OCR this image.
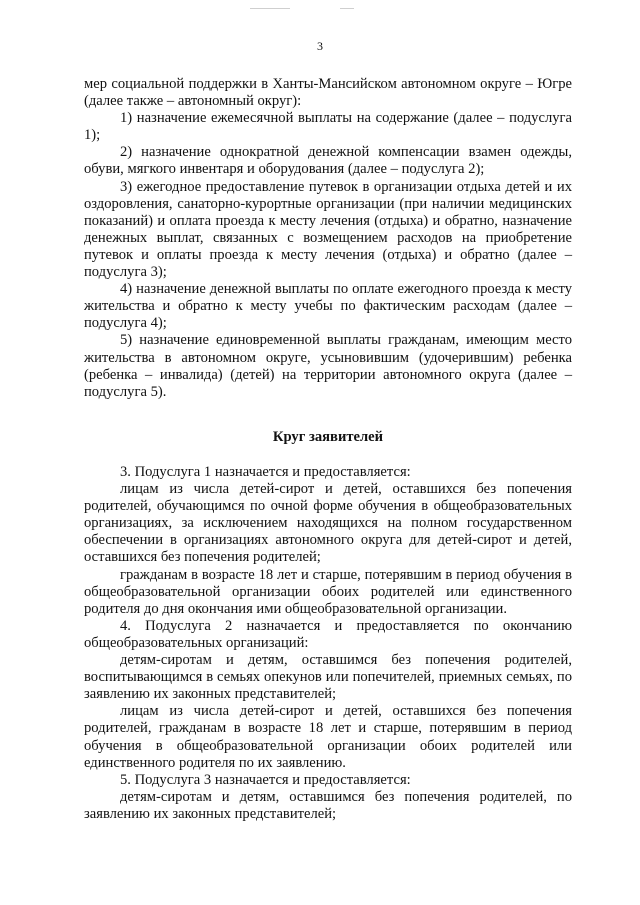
3

мер социальной поддержки в Ханты-Мансийском автономном округе – Югре (далее также – автономный округ):

1) назначение ежемесячной выплаты на содержание (далее – подуслуга 1);

2) назначение однократной денежной компенсации взамен одежды, обуви, мягкого инвентаря и оборудования (далее – подуслуга 2);

3) ежегодное предоставление путевок в организации отдыха детей и их оздоровления, санаторно-курортные организации (при наличии медицинских показаний) и оплата проезда к месту лечения (отдыха) и обратно, назначение денежных выплат, связанных с возмещением расходов на приобретение путевок и оплаты проезда к месту лечения (отдыха) и обратно (далее – подуслуга 3);

4) назначение денежной выплаты по оплате ежегодного проезда к месту жительства и обратно к месту учебы по фактическим расходам (далее – подуслуга 4);

5) назначение единовременной выплаты гражданам, имеющим место жительства в автономном округе, усыновившим (удочерившим) ребенка (ребенка – инвалида) (детей) на территории автономного округа (далее – подуслуга 5).

Круг заявителей

3. Подуслуга 1 назначается и предоставляется:

лицам из числа детей-сирот и детей, оставшихся без попечения родителей, обучающимся по очной форме обучения в общеобразовательных организациях, за исключением находящихся на полном государственном обеспечении в организациях автономного округа для детей-сирот и детей, оставшихся без попечения родителей;

гражданам в возрасте 18 лет и старше, потерявшим в период обучения в общеобразовательной организации обоих родителей или единственного родителя до дня окончания ими общеобразовательной организации.

4. Подуслуга 2 назначается и предоставляется по окончанию общеобразовательных организаций:

детям-сиротам и детям, оставшимся без попечения родителей, воспитывающимся в семьях опекунов или попечителей, приемных семьях, по заявлению их законных представителей;

лицам из числа детей-сирот и детей, оставшихся без попечения родителей, гражданам в возрасте 18 лет и старше, потерявшим в период обучения в общеобразовательной организации обоих родителей или единственного родителя по их заявлению.

5. Подуслуга 3 назначается и предоставляется:

детям-сиротам и детям, оставшимся без попечения родителей, по заявлению их законных представителей;
